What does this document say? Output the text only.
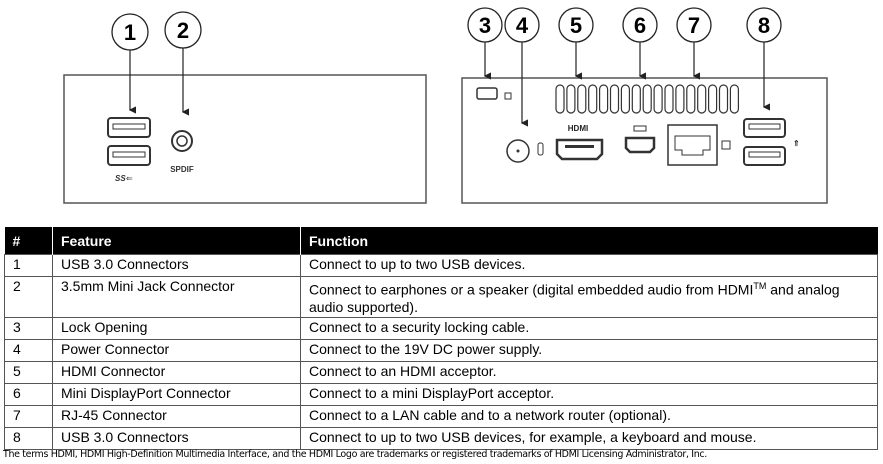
1 2
SS ⇐
SPDIF
HDMI
⇑
3 4 5 6 7	8
#	Feature	Function
1	USB 3.0 Connectors	Connect to up to two USB devices.
2	3.5mm Mini Jack Connector	Connect to earphones or a speaker (digital embedded audio from HDMI™ and analog audio supported).
3	Lock Opening	Connect to a security locking cable.
4	Power Connector	Connect to the 19V DC power supply.
5	HDMI Connector	Connect to an HDMI acceptor.
6	Mini DisplayPort Connector	Connect to a mini DisplayPort acceptor.
7	RJ-45 Connector	Connect to a LAN cable and to a network router (optional).
8	USB 3.0 Connectors	Connect to up to two USB devices, for example, a keyboard and mouse.
The terms HDMI, HDMI High-Definition Multimedia Interface, and the HDMI Logo are trademarks or registered trademarks of HDMI Licensing Administrator, Inc.
